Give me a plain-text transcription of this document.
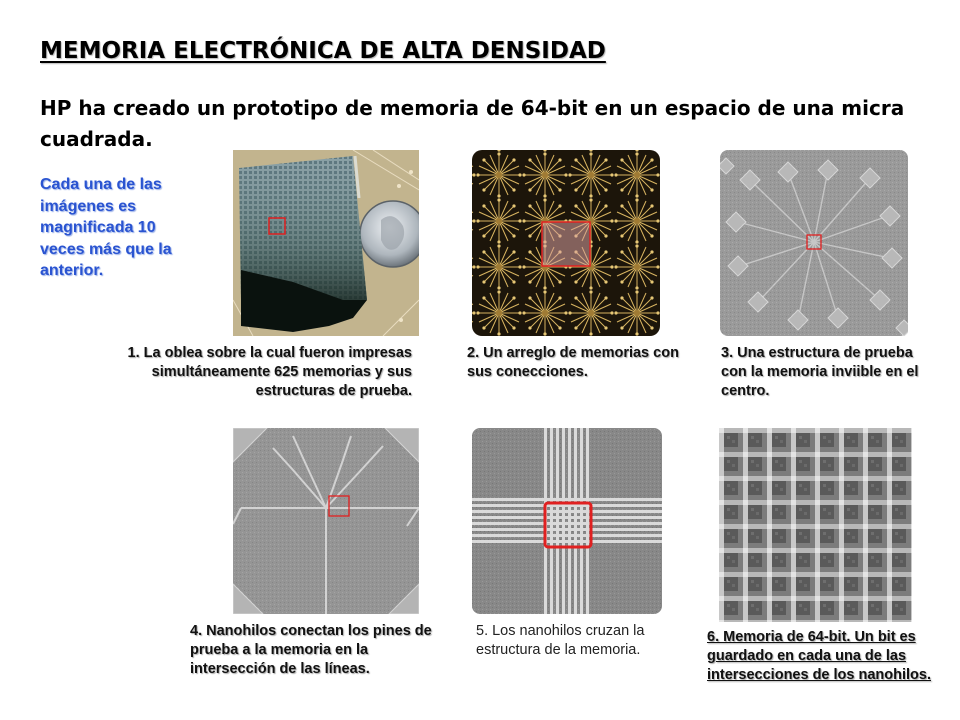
MEMORIA ELECTRÓNICA DE ALTA DENSIDAD

HP ha creado un prototipo de memoria de 64-bit en un espacio de una micra cuadrada.

Cada una de las imágenes es magnificada 10 veces más que la anterior.

1. La oblea sobre la cual fueron impresas simultáneamente 625 memorias y sus estructuras de prueba.

2. Un arreglo de memorias con sus conecciones.

3. Una estructura de prueba con la memoria inviible en el centro.

4. Nanohilos conectan los pines de prueba a la memoria en la intersección de las líneas.

5. Los nanohilos cruzan la estructura de la memoria.

6. Memoria de 64-bit. Un bit es guardado en cada una de las intersecciones de los nanohilos.
